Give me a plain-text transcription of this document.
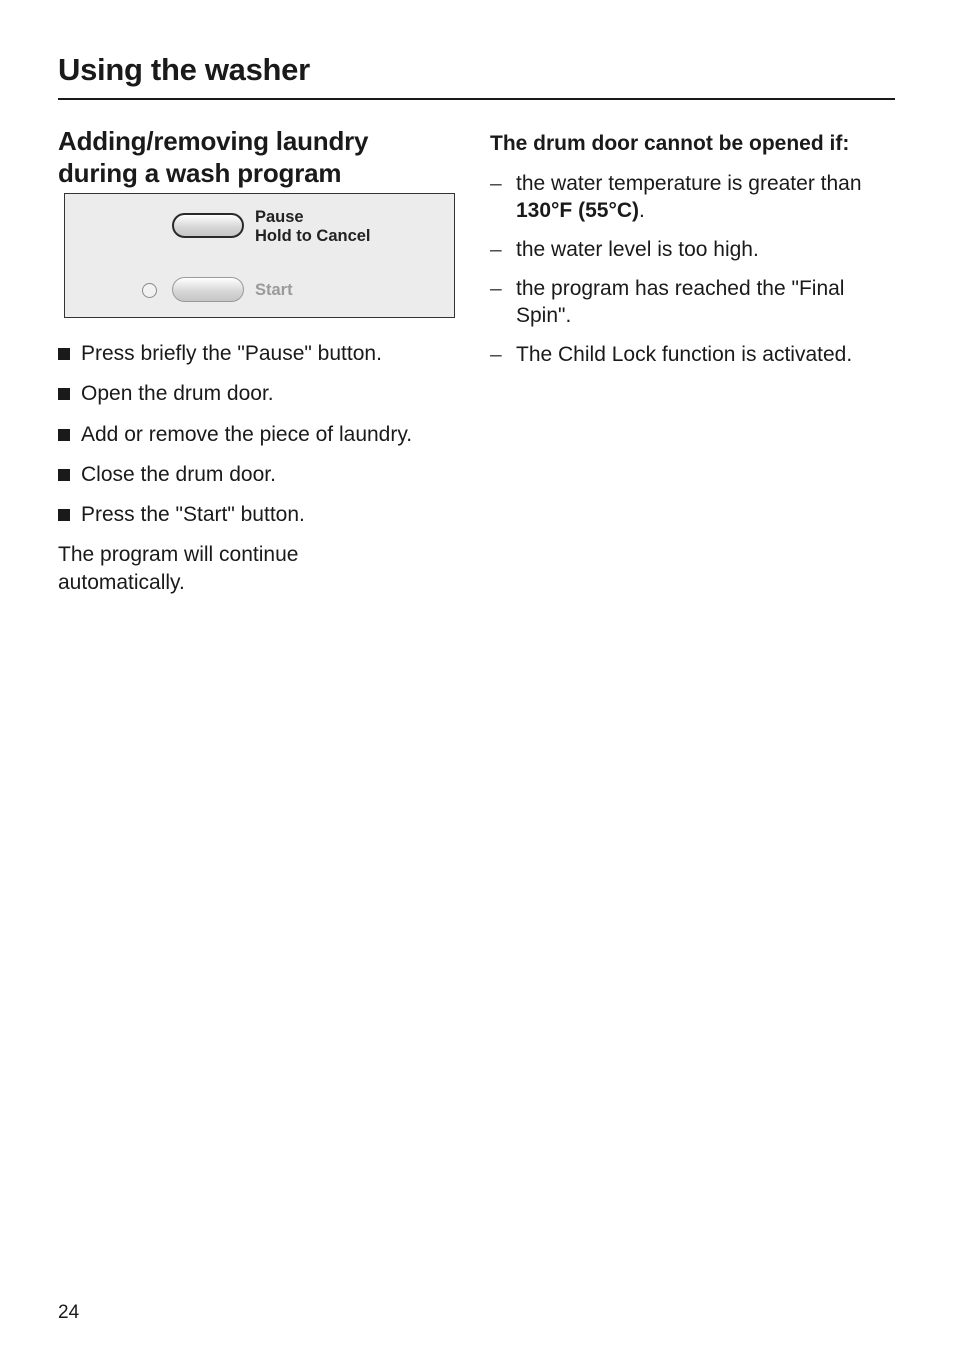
Using the washer
Adding/removing laundry during a wash program
Pause
Hold to Cancel
Start
Press briefly the "Pause" button.
Open the drum door.
Add or remove the piece of laundry.
Close the drum door.
Press the "Start" button.
The program will continue automatically.
The drum door cannot be opened if:
– the water temperature is greater than
130°F (55°C).
– the water level is too high.
– the program has reached the "Final Spin".
– The Child Lock function is activated.
24
